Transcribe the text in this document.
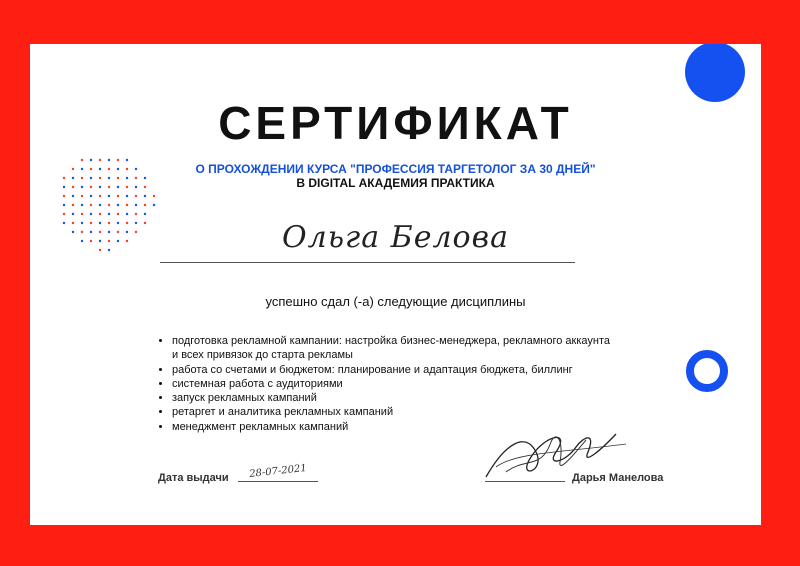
СЕРТИФИКАТ
О ПРОХОЖДЕНИИ КУРСА "ПРОФЕССИЯ ТАРГЕТОЛОГ ЗА 30 ДНЕЙ"
В DIGITAL АКАДЕМИЯ ПРАКТИКА
Ольга Белова
успешно сдал (-а) следующие дисциплины
• подготовка рекламной кампании: настройка бизнес-менеджера, рекламного аккаунта и всех привязок до старта рекламы
• работа со счетами и бюджетом: планирование и адаптация бюджета, биллинг
• системная работа с аудиториями
• запуск рекламных кампаний
• ретаргет и аналитика рекламных кампаний
• менеджмент рекламных кампаний
Дата выдачи	28-07-2021	Дарья Манелова
